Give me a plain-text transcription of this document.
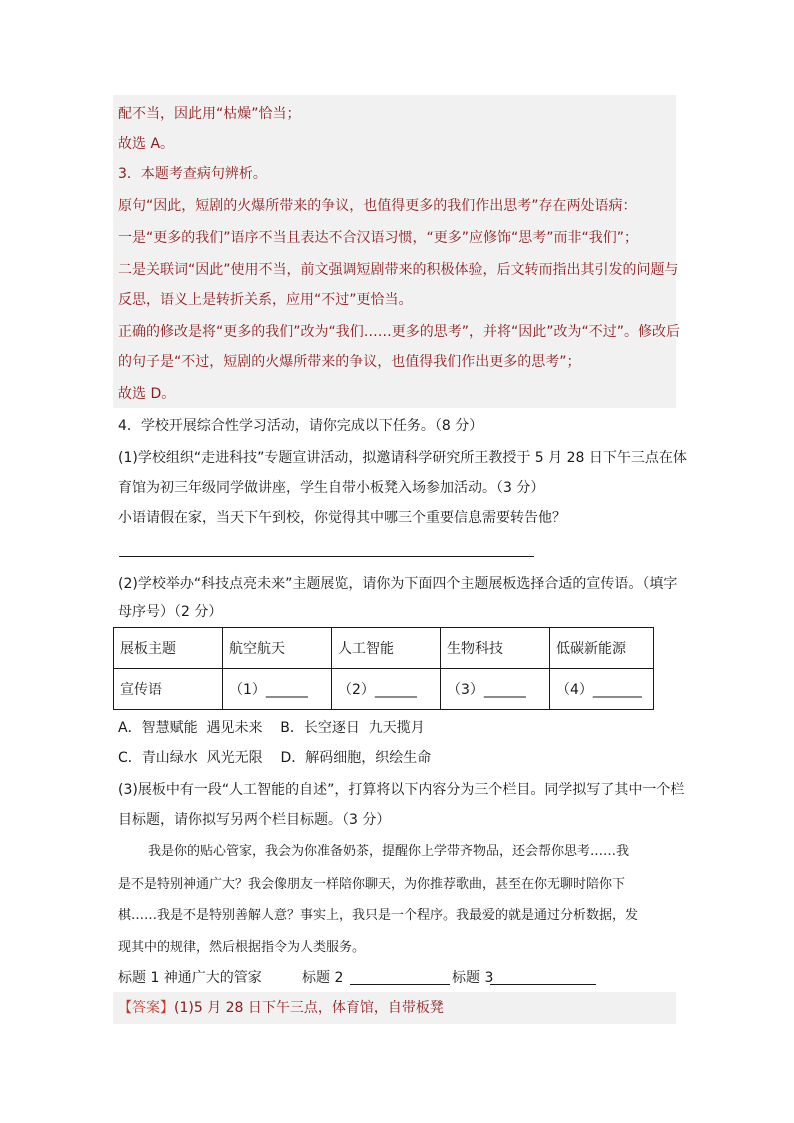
配不当，因此用“枯燥”恰当；
故选 A。
3．本题考查病句辨析。
原句“因此，短剧的火爆所带来的争议，也值得更多的我们作出思考”存在两处语病：
一是“更多的我们”语序不当且表达不合汉语习惯，“更多”应修饰“思考”而非“我们”；
二是关联词“因此”使用不当，前文强调短剧带来的积极体验，后文转而指出其引发的问题与
反思，语义上是转折关系，应用“不过”更恰当。
正确的修改是将“更多的我们”改为“我们……更多的思考”，并将“因此”改为“不过”。修改后
的句子是“不过，短剧的火爆所带来的争议，也值得我们作出更多的思考”；
故选 D。
4．学校开展综合性学习活动，请你完成以下任务。（8 分）
(1)学校组织“走进科技”专题宣讲活动，拟邀请科学研究所王教授于 5 月 28 日下午三点在体
育馆为初三年级同学做讲座，学生自带小板凳入场参加活动。（3 分）
小语请假在家，当天下午到校，你觉得其中哪三个重要信息需要转告他？
(2)学校举办“科技点亮未来”主题展览，请你为下面四个主题展板选择合适的宣传语。（填字
母序号）（2 分）
展板主题	航空航天	人工智能	生物科技	低碳新能源
宣传语	（1）______	（2）______	（3）______	（4）_______
A．智慧赋能  遇见未来    B．长空逐日  九天揽月
C．青山绿水  风光无限    D．解码细胞，织绘生命
(3)展板中有一段“人工智能的自述”，打算将以下内容分为三个栏目。同学拟写了其中一个栏
目标题，请你拟写另两个栏目标题。（3 分）
我是你的贴心管家，我会为你准备奶茶，提醒你上学带齐物品，还会帮你思考……我
是不是特别神通广大？我会像朋友一样陪你聊天，为你推荐歌曲，甚至在你无聊时陪你下
棋……我是不是特别善解人意？事实上，我只是一个程序。我最爱的就是通过分析数据，发
现其中的规律，然后根据指令为人类服务。
标题 1 神通广大的管家	标题 2	标题 3
【答案】(1)5 月 28 日下午三点，体育馆，自带板凳
